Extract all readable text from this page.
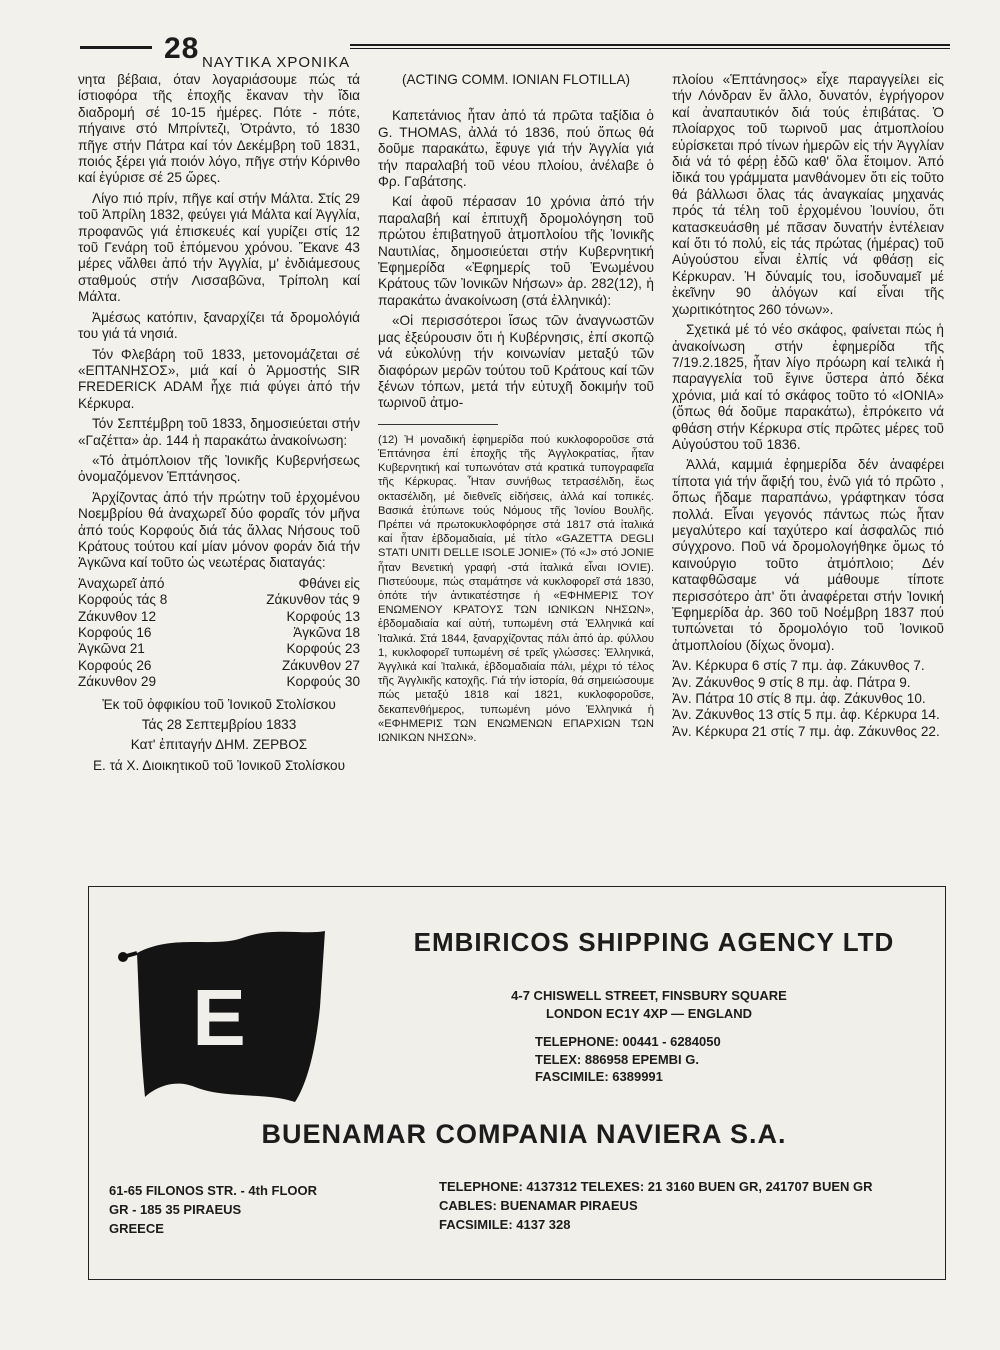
28 ΝΑΥΤΙΚΑ ΧΡΟΝΙΚΑ

νητα βέβαια, όταν λογαριάσουμε πώς τά ίστιοφόρα τῆς ἐποχῆς ἔκαναν τὴν ἴδια διαδρομή σέ 10-15 ἡμέρες. Πότε - πότε, πήγαινε στό Μπρίντεζι, Ὀτράντο, τό 1830 πῆγε στήν Πάτρα καί τόν Δεκέμβρη τοῦ 1831, ποιός ξέρει γιά ποιόν λόγο, πῆγε στήν Κόρινθο καί ἐγύρισε σέ 25 ὥρες.

Λίγο πιό πρίν, πῆγε καί στήν Μάλτα. Στίς 29 τοῦ Ἀπρίλη 1832, φεύγει γιά Μάλτα καί Ἀγγλία, προφανῶς γιά ἐπισκευές καί γυρίζει στίς 12 τοῦ Γενάρη τοῦ ἑπόμενου χρόνου. Ἔκανε 43 μέρες νἄλθει ἀπό τήν Ἀγγλία, μ' ἐνδιάμεσους σταθμούς στήν Λισσαβῶνα, Τρίπολη καί Μάλτα.

Ἀμέσως κατόπιν, ξαναρχίζει τά δρομολόγιά του γιά τά νησιά.

Τόν Φλεβάρη τοῦ 1833, μετονομάζεται σέ «ΕΠΤΑΝΗΣΟΣ», μιά καί ὁ Ἁρμοστής SIR FREDERICK ADAM ἦχε πιά φύγει ἀπό τήν Κέρκυρα.

Τόν Σεπτέμβρη τοῦ 1833, δημοσιεύεται στήν «Γαζέττα» ἀρ. 144 ἡ παρακάτω ἀνακοίνωση:

«Τό ἀτμόπλοιον τῆς Ἰονικῆς Κυβερνήσεως ὀνομαζόμενον Ἑπτάνησος.

Ἀρχίζοντας ἀπό τήν πρώτην τοῦ ἐρχομένου Νοεμβρίου θά ἀναχωρεῖ δύο φοραῖς τόν μῆνα ἀπό τούς Κορφούς διά τάς ἄλλας Νήσους τοῦ Κράτους τούτου καί μίαν μόνον φοράν διά τήν Ἀγκῶνα καί τοῦτο ὡς νεωτέρας διαταγάς:

Ἀναχωρεῖ ἀπό	Φθάνει εἰς
Κορφούς τάς 8	Ζάκυνθον τάς 9
Ζάκυνθον 12	Κορφούς 13
Κορφούς 16	Ἀγκῶνα 18
Ἀγκῶνα 21	Κορφούς 23
Κορφούς 26	Ζάκυνθον 27
Ζάκυνθον 29	Κορφούς 30

Ἐκ τοῦ ὀφφικίου τοῦ Ἰονικοῦ Στολίσκου

Τάς 28 Σεπτεμβρίου 1833

Κατ' ἐπιταγήν ΔΗΜ. ΖΕΡΒΟΣ

Ε. τά Χ. Διοικητικοῦ τοῦ Ἰονικοῦ Στολίσκου

(ACTING COMM. IONIAN FLOTILLA)

Καπετάνιος ἦταν ἀπό τά πρῶτα ταξίδια ὁ G. THOMAS, ἀλλά τό 1836, πού ὅπως θά δοῦμε παρακάτω, ἔφυγε γιά τήν Ἀγγλία γιά τήν παραλαβή τοῦ νέου πλοίου, ἀνέλαβε ὁ Φρ. Γαβάτσης.

Καί ἀφοῦ πέρασαν 10 χρόνια ἀπό τήν παραλαβή καί ἐπιτυχῆ δρομολόγηση τοῦ πρώτου ἐπιβατηγοῦ ἀτμοπλοίου τῆς Ἰονικῆς Ναυτιλίας, δημοσιεύεται στήν Κυβερνητική Ἐφημερίδα «Ἐφημερίς τοῦ Ἑνωμένου Κράτους τῶν Ἰονικῶν Νήσων» ἀρ. 282(12), ἡ παρακάτω ἀνακοίνωση (στά ἑλληνικά):

«Οἱ περισσότεροι ἴσως τῶν ἀναγνωστῶν μας ἐξεύρουσιν ὅτι ἡ Κυβέρνησις, ἐπί σκοπῷ νά εὐκολύνῃ τήν κοινωνίαν μεταξύ τῶν διαφόρων μερῶν τούτου τοῦ Κράτους καί τῶν ξένων τόπων, μετά τήν εὐτυχῆ δοκιμήν τοῦ τωρινοῦ ἀτμο-

(12) Ἡ μοναδική ἐφημερίδα πού κυκλοφοροῦσε στά Ἑπτάνησα ἐπί ἐποχῆς τῆς Ἀγγλοκρατίας, ἦταν Κυβερνητική καί τυπωνόταν στά κρατικά τυπογραφεῖα τῆς Κέρκυρας. Ἦταν συνήθως τετρασέλιδη, ἕως οκτασέλιδη, μέ διεθνεῖς εἰδήσεις, ἀλλά καί τοπικές. Βασικά ἐτύπωνε τούς Νόμους τῆς Ἰονίου Βουλῆς. Πρέπει νά πρωτοκυκλοφόρησε στά 1817 στά ἰταλικά καί ἦταν ἑβδομαδιαία, μέ τίτλο «GAZETTA DEGLI STATI UNITI DELLE ISOLE JONIE» (Τό «J» στό JONIE ἦταν Βενετική γραφή -στά ἰταλικά εἶναι IOVIE). Πιστεύουμε, πώς σταμάτησε νά κυκλοφορεῖ στά 1830, ὁπότε τήν ἀντικατέστησε ἡ «ΕΦΗΜΕΡΙΣ ΤΟΥ ΕΝΩΜΕΝΟΥ ΚΡΑΤΟΥΣ ΤΩΝ ΙΩΝΙΚΩΝ ΝΗΣΩΝ», ἑβδομαδιαία καί αὐτή, τυπωμένη στά Ἑλληνικά καί Ἰταλικά. Στά 1844, ξαναρχίζοντας πάλι ἀπό ἀρ. φύλλου 1, κυκλοφορεῖ τυπωμένη σέ τρεῖς γλώσσες: Ἑλληνικά, Ἀγγλικά καί Ἰταλικά, ἑβδομαδιαία πάλι, μέχρι τό τέλος τῆς Ἀγγλικῆς κατοχῆς. Γιά τήν ἱστορία, θά σημειώσουμε πώς μεταξύ 1818 καί 1821, κυκλοφοροῦσε, δεκαπενθήμερος, τυπωμένη μόνο Ἑλληνικά ἡ «ΕΦΗΜΕΡΙΣ ΤΩΝ ΕΝΩΜΕΝΩΝ ΕΠΑΡΧΙΩΝ ΤΩΝ ΙΩΝΙΚΩΝ ΝΗΣΩΝ».

πλοίου «Ἑπτάνησος» εἶχε παραγγείλει εἰς τήν Λόνδραν ἕν ἄλλο, δυνατόν, ἐγρήγορον καί ἀναπαυτικόν διά τούς ἐπιβάτας. Ὁ πλοίαρχος τοῦ τωρινοῦ μας ἀτμοπλοίου εὑρίσκεται πρό τίνων ἡμερῶν εἰς τήν Ἀγγλίαν διά νά τό φέρῃ ἐδῶ καθ' ὅλα ἕτοιμον. Ἀπό ἰδικά του γράμματα μανθάνομεν ὅτι εἰς τοῦτο θά βάλλωσι ὅλας τάς ἀναγκαίας μηχανάς πρός τά τέλη τοῦ ἐρχομένου Ἰουνίου, ὅτι κατασκευάσθη μέ πᾶσαν δυνατήν ἐντέλειαν καί ὅτι τό πολύ, εἰς τάς πρώτας (ἡμέρας) τοῦ Αὐγούστου εἶναι ἐλπίς νά φθάσῃ εἰς Κέρκυραν. Ἡ δύναμίς του, ἰσοδυναμεῖ μέ ἐκεῖνην 90 ἀλόγων καί εἶναι τῆς χωριτικότητος 260 τόνων».

Σχετικά μέ τό νέο σκάφος, φαίνεται πώς ἡ ἀνακοίνωση στήν ἐφημερίδα τῆς 7/19.2.1825, ἦταν λίγο πρόωρη καί τελικά ἡ παραγγελία τοῦ ἔγινε ὕστερα ἀπό δέκα χρόνια, μιά καί τό σκάφος τοῦτο τό «IONIA» (ὅπως θά δοῦμε παρακάτω), ἐπρόκειτο νά φθάση στήν Κέρκυρα στίς πρῶτες μέρες τοῦ Αὐγούστου τοῦ 1836.

Ἀλλά, καμμιά ἐφημερίδα δέν ἀναφέρει τίποτα γιά τήν ἄφιξή του, ἐνῶ γιά τό πρῶτο , ὅπως ἤδαμε παραπάνω, γράφτηκαν τόσα πολλά. Εἶναι γεγονός πάντως πώς ἦταν μεγαλύτερο καί ταχύτερο καί ἀσφαλῶς πιό σύγχρονο. Ποῦ νά δρομολογήθηκε ὅμως τό καινούργιο τοῦτο ἀτμόπλοιο; Δέν καταφθῶσαμε νά μάθουμε τίποτε περισσότερο ἀπ' ὅτι ἀναφέρεται στήν Ἰονική Ἐφημερίδα ἀρ. 360 τοῦ Νοέμβρη 1837 πού τυπώνεται τό δρομολόγιο τοῦ Ἰονικοῦ ἀτμοπλοίου (δίχως ὄνομα).

Ἀν. Κέρκυρα 6 στίς 7 πμ. ἀφ. Ζάκυνθος 7.

Ἀν. Ζάκυνθος 9 στίς 8 πμ. ἀφ. Πάτρα 9.

Ἀν. Πάτρα 10 στίς 8 πμ. ἀφ. Ζάκυνθος 10.

Ἀν. Ζάκυνθος 13 στίς 5 πμ. ἀφ. Κέρκυρα 14.

Ἀν. Κέρκυρα 21 στίς 7 πμ. ἀφ. Ζάκυνθος 22.

E
EMBIRICOS SHIPPING AGENCY LTD
4-7 CHISWELL STREET, FINSBURY SQUARE
LONDON EC1Y 4XP — ENGLAND
TELEPHONE: 00441 - 6284050
TELEX: 886958 EPEMBI G.
FASCIMILE: 6389991
BUENAMAR COMPANIA NAVIERA S.A.
61-65 FILONOS STR. - 4th FLOOR
GR - 185 35 PIRAEUS
GREECE
TELEPHONE: 4137312 TELEXES: 21 3160 BUEN GR, 241707 BUEN GR
CABLES: BUENAMAR PIRAEUS
FACSIMILE: 4137 328
